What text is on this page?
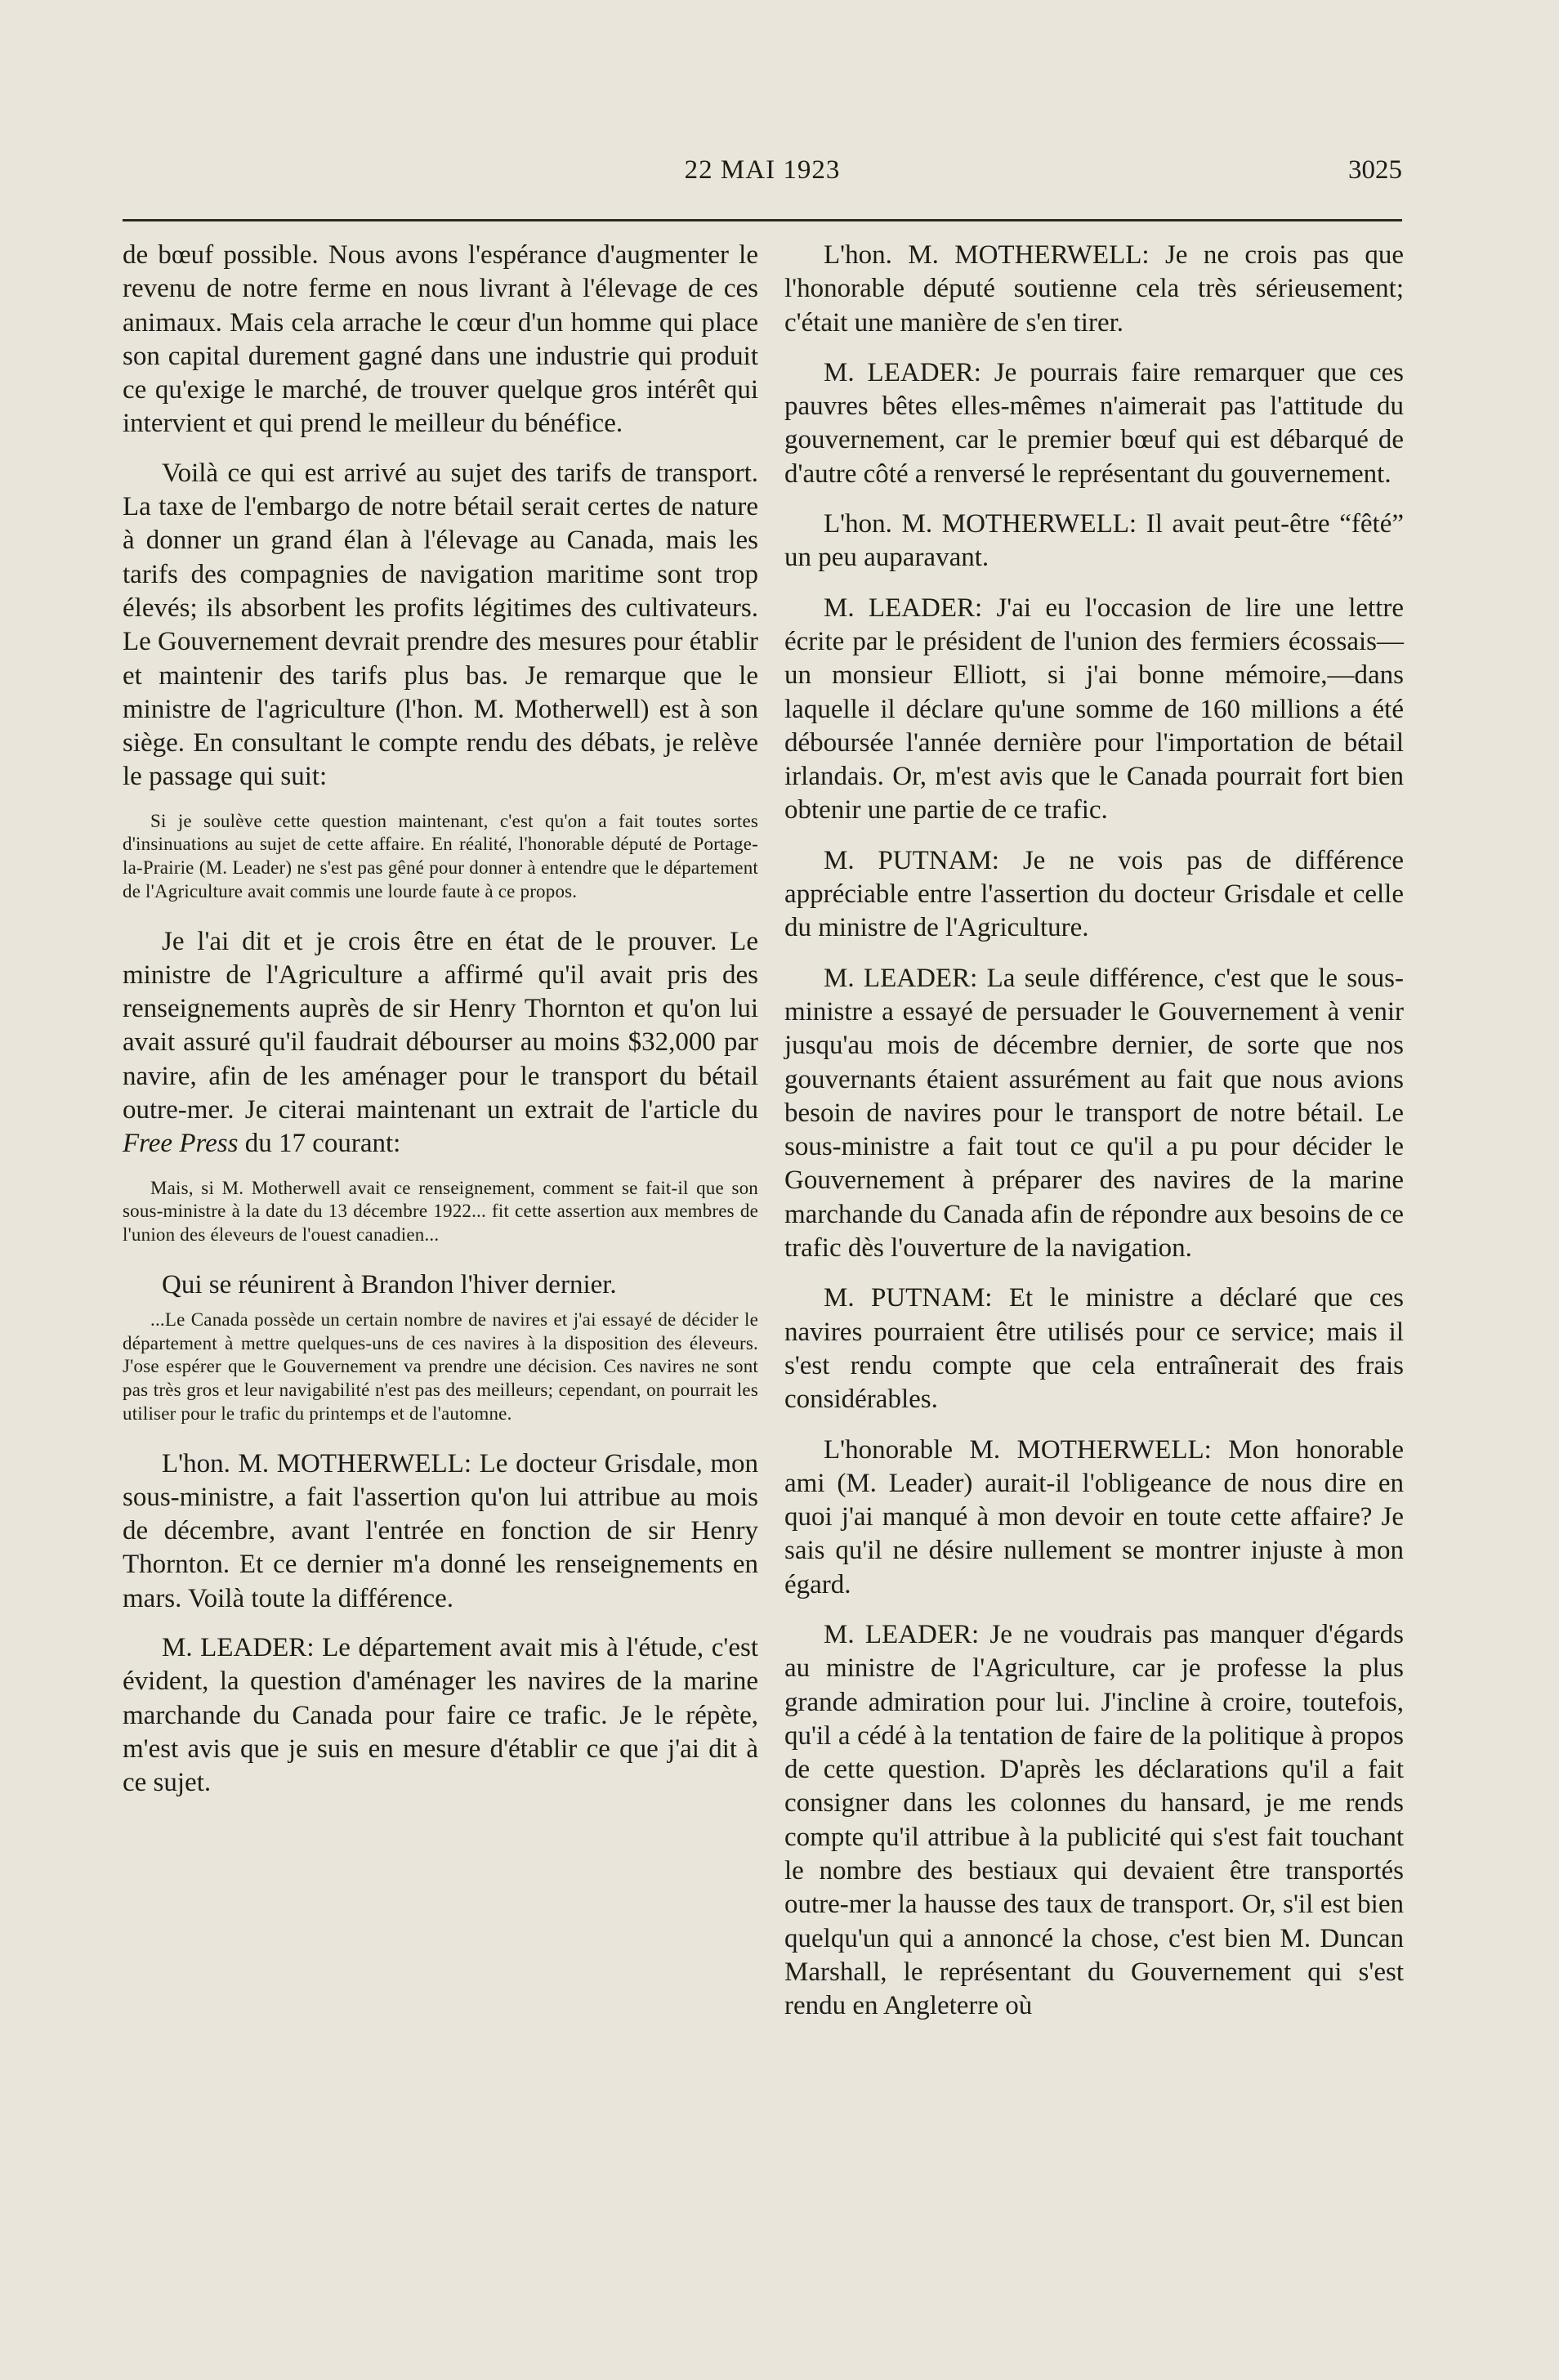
22 MAI 1923	3025

de bœuf possible. Nous avons l'espérance d'augmenter le revenu de notre ferme en nous livrant à l'élevage de ces animaux. Mais cela arrache le cœur d'un homme qui place son capital durement gagné dans une industrie qui produit ce qu'exige le marché, de trouver quelque gros intérêt qui intervient et qui prend le meilleur du bénéfice.

Voilà ce qui est arrivé au sujet des tarifs de transport. La taxe de l'embargo de notre bétail serait certes de nature à donner un grand élan à l'élevage au Canada, mais les tarifs des compagnies de navigation maritime sont trop élevés; ils absorbent les profits légitimes des cultivateurs. Le Gouvernement devrait prendre des mesures pour établir et maintenir des tarifs plus bas. Je remarque que le ministre de l'agriculture (l'hon. M. Motherwell) est à son siège. En consultant le compte rendu des débats, je relève le passage qui suit:

Si je soulève cette question maintenant, c'est qu'on a fait toutes sortes d'insinuations au sujet de cette affaire. En réalité, l'honorable député de Portage-la-Prairie (M. Leader) ne s'est pas gêné pour donner à entendre que le département de l'Agriculture avait commis une lourde faute à ce propos.

Je l'ai dit et je crois être en état de le prouver. Le ministre de l'Agriculture a affirmé qu'il avait pris des renseignements auprès de sir Henry Thornton et qu'on lui avait assuré qu'il faudrait débourser au moins $32,000 par navire, afin de les aménager pour le transport du bétail outre-mer. Je citerai maintenant un extrait de l'article du Free Press du 17 courant:

Mais, si M. Motherwell avait ce renseignement, comment se fait-il que son sous-ministre à la date du 13 décembre 1922... fit cette assertion aux membres de l'union des éleveurs de l'ouest canadien...

Qui se réunirent à Brandon l'hiver dernier.

...Le Canada possède un certain nombre de navires et j'ai essayé de décider le département à mettre quelques-uns de ces navires à la disposition des éleveurs. J'ose espérer que le Gouvernement va prendre une décision. Ces navires ne sont pas très gros et leur navigabilité n'est pas des meilleurs; cependant, on pourrait les utiliser pour le trafic du printemps et de l'automne.

L'hon. M. MOTHERWELL: Le docteur Grisdale, mon sous-ministre, a fait l'assertion qu'on lui attribue au mois de décembre, avant l'entrée en fonction de sir Henry Thornton. Et ce dernier m'a donné les renseignements en mars. Voilà toute la différence.

M. LEADER: Le département avait mis à l'étude, c'est évident, la question d'aménager les navires de la marine marchande du Canada pour faire ce trafic. Je le répète, m'est avis que je suis en mesure d'établir ce que j'ai dit à ce sujet.

L'hon. M. MOTHERWELL: Je ne crois pas que l'honorable député soutienne cela très sérieusement; c'était une manière de s'en tirer.

M. LEADER: Je pourrais faire remarquer que ces pauvres bêtes elles-mêmes n'aimerait pas l'attitude du gouvernement, car le premier bœuf qui est débarqué de d'autre côté a renversé le représentant du gouvernement.

L'hon. M. MOTHERWELL: Il avait peut-être “fêté” un peu auparavant.

M. LEADER: J'ai eu l'occasion de lire une lettre écrite par le président de l'union des fermiers écossais—un monsieur Elliott, si j'ai bonne mémoire,—dans laquelle il déclare qu'une somme de 160 millions a été déboursée l'année dernière pour l'importation de bétail irlandais. Or, m'est avis que le Canada pourrait fort bien obtenir une partie de ce trafic.

M. PUTNAM: Je ne vois pas de différence appréciable entre l'assertion du docteur Grisdale et celle du ministre de l'Agriculture.

M. LEADER: La seule différence, c'est que le sous-ministre a essayé de persuader le Gouvernement à venir jusqu'au mois de décembre dernier, de sorte que nos gouvernants étaient assurément au fait que nous avions besoin de navires pour le transport de notre bétail. Le sous-ministre a fait tout ce qu'il a pu pour décider le Gouvernement à préparer des navires de la marine marchande du Canada afin de répondre aux besoins de ce trafic dès l'ouverture de la navigation.

M. PUTNAM: Et le ministre a déclaré que ces navires pourraient être utilisés pour ce service; mais il s'est rendu compte que cela entraînerait des frais considérables.

L'honorable M. MOTHERWELL: Mon honorable ami (M. Leader) aurait-il l'obligeance de nous dire en quoi j'ai manqué à mon devoir en toute cette affaire? Je sais qu'il ne désire nullement se montrer injuste à mon égard.

M. LEADER: Je ne voudrais pas manquer d'égards au ministre de l'Agriculture, car je professe la plus grande admiration pour lui. J'incline à croire, toutefois, qu'il a cédé à la tentation de faire de la politique à propos de cette question. D'après les déclarations qu'il a fait consigner dans les colonnes du hansard, je me rends compte qu'il attribue à la publicité qui s'est fait touchant le nombre des bestiaux qui devaient être transportés outre-mer la hausse des taux de transport. Or, s'il est bien quelqu'un qui a annoncé la chose, c'est bien M. Duncan Marshall, le représentant du Gouvernement qui s'est rendu en Angleterre où
